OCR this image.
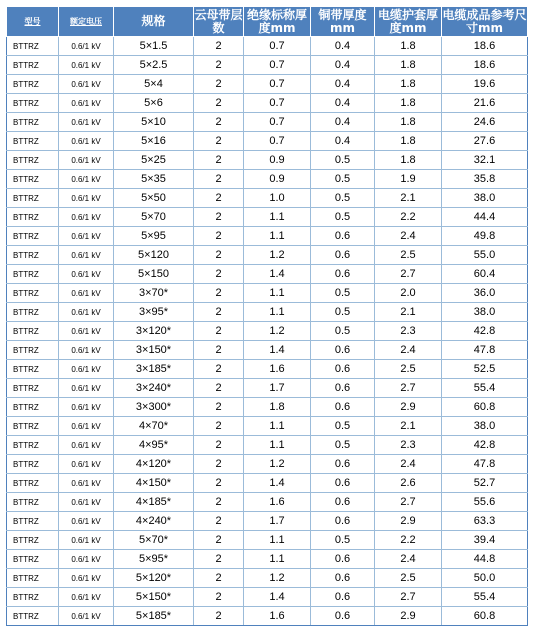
型号	额定电压	规格	云母带层数	绝缘标称厚度mm	铜带厚度mm	电缆护套厚度mm	电缆成品参考尺寸mm
BTTRZ	0.6/1 kV	5×1.5	2	0.7	0.4	1.8	18.6
BTTRZ	0.6/1 kV	5×2.5	2	0.7	0.4	1.8	18.6
BTTRZ	0.6/1 kV	5×4	2	0.7	0.4	1.8	19.6
BTTRZ	0.6/1 kV	5×6	2	0.7	0.4	1.8	21.6
BTTRZ	0.6/1 kV	5×10	2	0.7	0.4	1.8	24.6
BTTRZ	0.6/1 kV	5×16	2	0.7	0.4	1.8	27.6
BTTRZ	0.6/1 kV	5×25	2	0.9	0.5	1.8	32.1
BTTRZ	0.6/1 kV	5×35	2	0.9	0.5	1.9	35.8
BTTRZ	0.6/1 kV	5×50	2	1.0	0.5	2.1	38.0
BTTRZ	0.6/1 kV	5×70	2	1.1	0.5	2.2	44.4
BTTRZ	0.6/1 kV	5×95	2	1.1	0.6	2.4	49.8
BTTRZ	0.6/1 kV	5×120	2	1.2	0.6	2.5	55.0
BTTRZ	0.6/1 kV	5×150	2	1.4	0.6	2.7	60.4
BTTRZ	0.6/1 kV	3×70*	2	1.1	0.5	2.0	36.0
BTTRZ	0.6/1 kV	3×95*	2	1.1	0.5	2.1	38.0
BTTRZ	0.6/1 kV	3×120*	2	1.2	0.5	2.3	42.8
BTTRZ	0.6/1 kV	3×150*	2	1.4	0.6	2.4	47.8
BTTRZ	0.6/1 kV	3×185*	2	1.6	0.6	2.5	52.5
BTTRZ	0.6/1 kV	3×240*	2	1.7	0.6	2.7	55.4
BTTRZ	0.6/1 kV	3×300*	2	1.8	0.6	2.9	60.8
BTTRZ	0.6/1 kV	4×70*	2	1.1	0.5	2.1	38.0
BTTRZ	0.6/1 kV	4×95*	2	1.1	0.5	2.3	42.8
BTTRZ	0.6/1 kV	4×120*	2	1.2	0.6	2.4	47.8
BTTRZ	0.6/1 kV	4×150*	2	1.4	0.6	2.6	52.7
BTTRZ	0.6/1 kV	4×185*	2	1.6	0.6	2.7	55.6
BTTRZ	0.6/1 kV	4×240*	2	1.7	0.6	2.9	63.3
BTTRZ	0.6/1 kV	5×70*	2	1.1	0.5	2.2	39.4
BTTRZ	0.6/1 kV	5×95*	2	1.1	0.6	2.4	44.8
BTTRZ	0.6/1 kV	5×120*	2	1.2	0.6	2.5	50.0
BTTRZ	0.6/1 kV	5×150*	2	1.4	0.6	2.7	55.4
BTTRZ	0.6/1 kV	5×185*	2	1.6	0.6	2.9	60.8
